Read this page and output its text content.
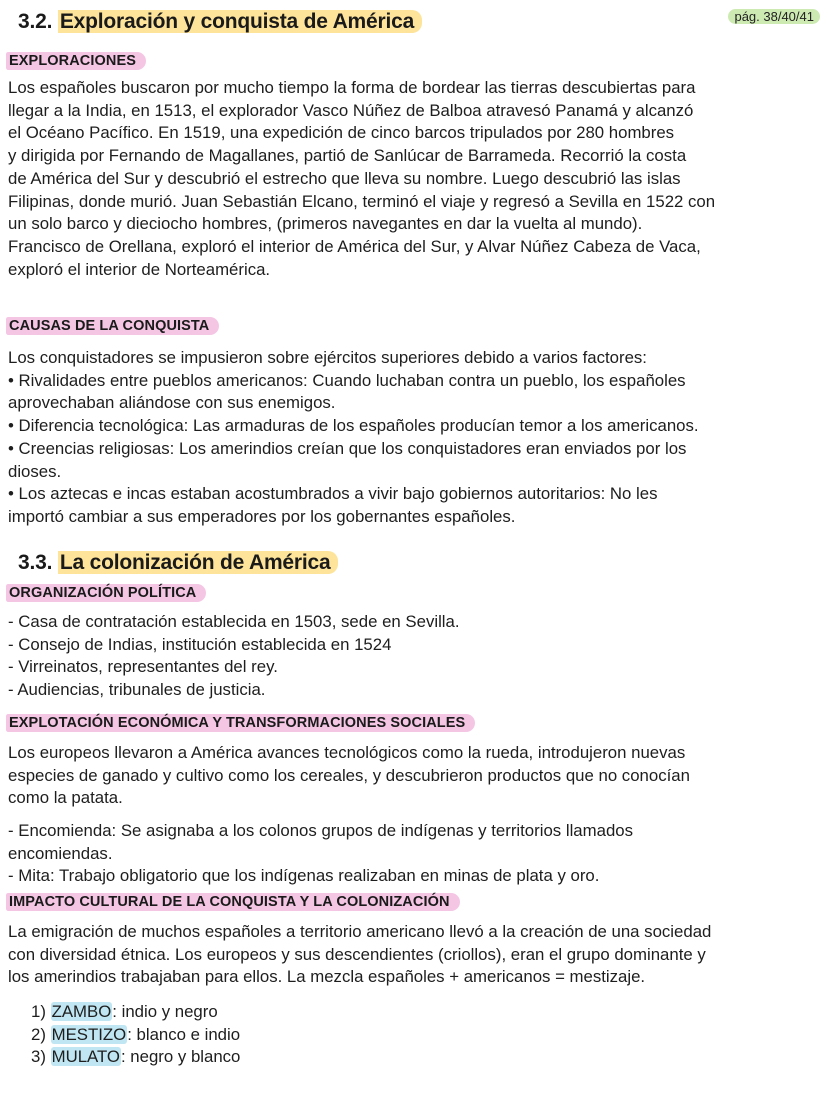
pág. 38/40/41
3.2. Exploración y conquista de América
EXPLORACIONES
Los españoles buscaron por mucho tiempo la forma de bordear las tierras descubiertas para
llegar a la India, en 1513, el explorador Vasco Núñez de Balboa atravesó Panamá y alcanzó
el Océano Pacífico. En 1519, una expedición de cinco barcos tripulados por 280 hombres
y dirigida por Fernando de Magallanes, partió de Sanlúcar de Barrameda. Recorrió la costa
de América del Sur y descubrió el estrecho que lleva su nombre. Luego descubrió las islas
Filipinas, donde murió. Juan Sebastián Elcano, terminó el viaje y regresó a Sevilla en 1522 con
un solo barco y dieciocho hombres, (primeros navegantes en dar la vuelta al mundo).
Francisco de Orellana, exploró el interior de América del Sur, y Alvar Núñez Cabeza de Vaca,
exploró el interior de Norteamérica.
CAUSAS DE LA CONQUISTA
Los conquistadores se impusieron sobre ejércitos superiores debido a varios factores:
• Rivalidades entre pueblos americanos: Cuando luchaban contra un pueblo, los españoles
aprovechaban aliándose con sus enemigos.
• Diferencia tecnológica: Las armaduras de los españoles producían temor a los americanos.
• Creencias religiosas: Los amerindios creían que los conquistadores eran enviados por los
dioses.
• Los aztecas e incas estaban acostumbrados a vivir bajo gobiernos autoritarios: No les
importó cambiar a sus emperadores por los gobernantes españoles.
3.3. La colonización de América
ORGANIZACIÓN POLÍTICA
- Casa de contratación establecida en 1503, sede en Sevilla.
- Consejo de Indias, institución establecida en 1524
- Virreinatos, representantes del rey.
- Audiencias, tribunales de justicia.
EXPLOTACIÓN ECONÓMICA Y TRANSFORMACIONES SOCIALES
Los europeos llevaron a América avances tecnológicos como la rueda, introdujeron nuevas
especies de ganado y cultivo como los cereales, y descubrieron productos que no conocían
como la patata.
- Encomienda: Se asignaba a los colonos grupos de indígenas y territorios llamados
encomiendas.
- Mita: Trabajo obligatorio que los indígenas realizaban en minas de plata y oro.
IMPACTO CULTURAL DE LA CONQUISTA Y LA COLONIZACIÓN
La emigración de muchos españoles a territorio americano llevó a la creación de una sociedad
con diversidad étnica. Los europeos y sus descendientes (criollos), eran el grupo dominante y
los amerindios trabajaban para ellos. La mezcla españoles + americanos = mestizaje.
1) ZAMBO: indio y negro
2) MESTIZO: blanco e indio
3) MULATO: negro y blanco
